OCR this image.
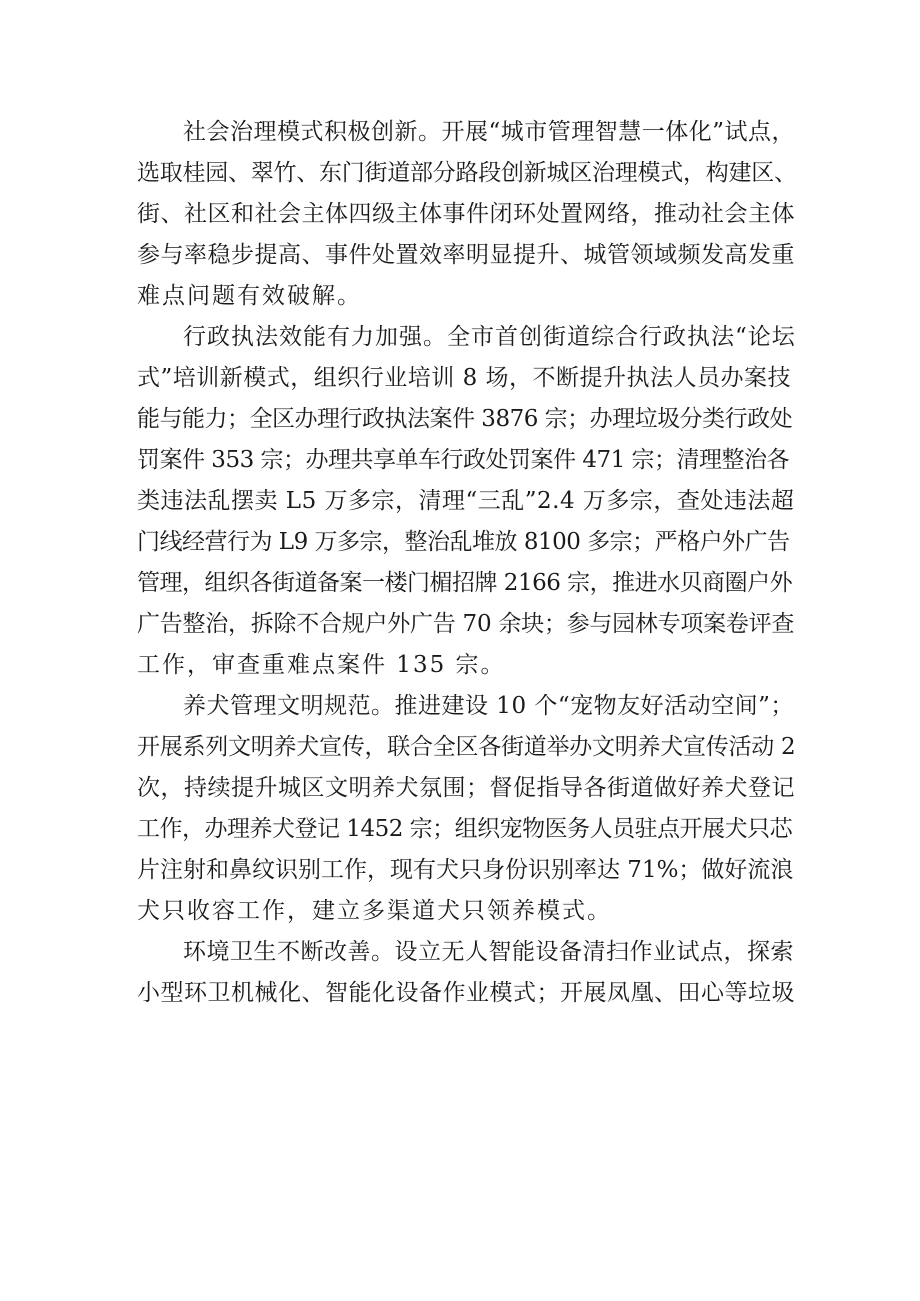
社会治理模式积极创新。开展“城市管理智慧一体化”试点，
选取桂园、翠竹、东门街道部分路段创新城区治理模式，构建区、
街、社区和社会主体四级主体事件闭环处置网络，推动社会主体
参与率稳步提高、事件处置效率明显提升、城管领域频发高发重
难点问题有效破解。
行政执法效能有力加强。全市首创街道综合行政执法“论坛
式”培训新模式，组织行业培训 8 场，不断提升执法人员办案技
能与能力；全区办理行政执法案件 3876 宗；办理垃圾分类行政处
罚案件 353 宗；办理共享单车行政处罚案件 471 宗；清理整治各
类违法乱摆卖 L5 万多宗，清理“三乱”2.4 万多宗，查处违法超
门线经营行为 L9 万多宗，整治乱堆放 8100 多宗；严格户外广告
管理，组织各街道备案一楼门楣招牌 2166 宗，推进水贝商圈户外
广告整治，拆除不合规户外广告 70 余块；参与园林专项案卷评查
工作，审查重难点案件 135 宗。
养犬管理文明规范。推进建设 10 个“宠物友好活动空间”；
开展系列文明养犬宣传，联合全区各街道举办文明养犬宣传活动 2
次，持续提升城区文明养犬氛围；督促指导各街道做好养犬登记
工作，办理养犬登记 1452 宗；组织宠物医务人员驻点开展犬只芯
片注射和鼻纹识别工作，现有犬只身份识别率达 71%；做好流浪
犬只收容工作，建立多渠道犬只领养模式。
环境卫生不断改善。设立无人智能设备清扫作业试点，探索
小型环卫机械化、智能化设备作业模式；开展凤凰、田心等垃圾
